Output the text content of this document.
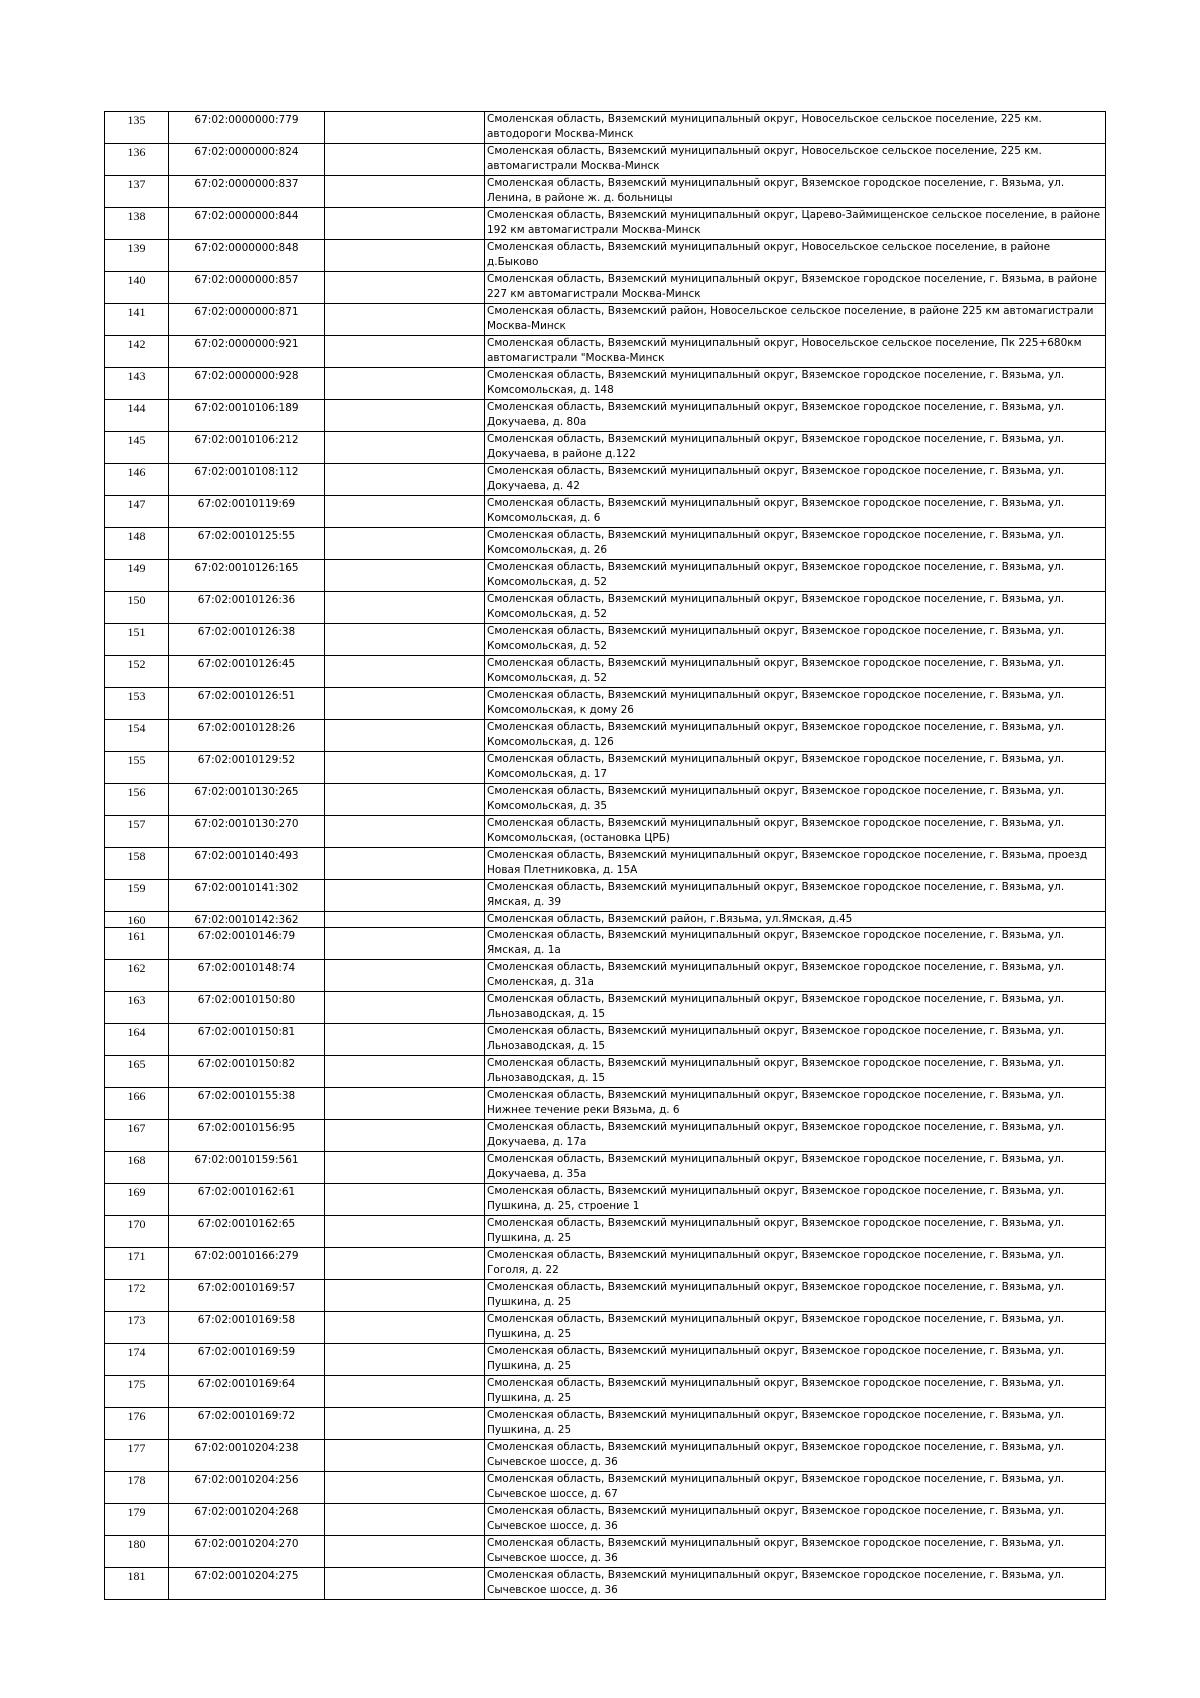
135	67:02:0000000:779		Смоленская область, Вяземский муниципальный округ, Новосельское сельское поселение, 225 км. автодороги Москва-Минск
136	67:02:0000000:824		Смоленская область, Вяземский муниципальный округ, Новосельское сельское поселение, 225 км. автомагистрали Москва-Минск
137	67:02:0000000:837		Смоленская область, Вяземский муниципальный округ, Вяземское городское поселение, г. Вязьма, ул. Ленина, в районе ж. д. больницы
138	67:02:0000000:844		Смоленская область, Вяземский муниципальный округ, Царево-Займищенское сельское поселение, в районе 192 км автомагистрали Москва-Минск
139	67:02:0000000:848		Смоленская область, Вяземский муниципальный округ, Новосельское сельское поселение, в районе д.Быково
140	67:02:0000000:857		Смоленская область, Вяземский муниципальный округ, Вяземское городское поселение, г. Вязьма, в районе 227 км автомагистрали Москва-Минск
141	67:02:0000000:871		Смоленская область, Вяземский район, Новосельское сельское поселение, в районе 225 км автомагистрали Москва-Минск
142	67:02:0000000:921		Смоленская область, Вяземский муниципальный округ, Новосельское сельское поселение, Пк 225+680км автомагистрали "Москва-Минск
143	67:02:0000000:928		Смоленская область, Вяземский муниципальный округ, Вяземское городское поселение, г. Вязьма, ул. Комсомольская, д. 148
144	67:02:0010106:189		Смоленская область, Вяземский муниципальный округ, Вяземское городское поселение, г. Вязьма, ул. Докучаева, д. 80а
145	67:02:0010106:212		Смоленская область, Вяземский муниципальный округ, Вяземское городское поселение, г. Вязьма, ул. Докучаева, в районе д.122
146	67:02:0010108:112		Смоленская область, Вяземский муниципальный округ, Вяземское городское поселение, г. Вязьма, ул. Докучаева, д. 42
147	67:02:0010119:69		Смоленская область, Вяземский муниципальный округ, Вяземское городское поселение, г. Вязьма, ул. Комсомольская, д. 6
148	67:02:0010125:55		Смоленская область, Вяземский муниципальный округ, Вяземское городское поселение, г. Вязьма, ул. Комсомольская, д. 26
149	67:02:0010126:165		Смоленская область, Вяземский муниципальный округ, Вяземское городское поселение, г. Вязьма, ул. Комсомольская, д. 52
150	67:02:0010126:36		Смоленская область, Вяземский муниципальный округ, Вяземское городское поселение, г. Вязьма, ул. Комсомольская, д. 52
151	67:02:0010126:38		Смоленская область, Вяземский муниципальный округ, Вяземское городское поселение, г. Вязьма, ул. Комсомольская, д. 52
152	67:02:0010126:45		Смоленская область, Вяземский муниципальный округ, Вяземское городское поселение, г. Вязьма, ул. Комсомольская, д. 52
153	67:02:0010126:51		Смоленская область, Вяземский муниципальный округ, Вяземское городское поселение, г. Вязьма, ул. Комсомольская, к дому 26
154	67:02:0010128:26		Смоленская область, Вяземский муниципальный округ, Вяземское городское поселение, г. Вязьма, ул. Комсомольская, д. 126
155	67:02:0010129:52		Смоленская область, Вяземский муниципальный округ, Вяземское городское поселение, г. Вязьма, ул. Комсомольская, д. 17
156	67:02:0010130:265		Смоленская область, Вяземский муниципальный округ, Вяземское городское поселение, г. Вязьма, ул. Комсомольская, д. 35
157	67:02:0010130:270		Смоленская область, Вяземский муниципальный округ, Вяземское городское поселение, г. Вязьма, ул. Комсомольская, (остановка ЦРБ)
158	67:02:0010140:493		Смоленская область, Вяземский муниципальный округ, Вяземское городское поселение, г. Вязьма, проезд Новая Плетниковка, д. 15А
159	67:02:0010141:302		Смоленская область, Вяземский муниципальный округ, Вяземское городское поселение, г. Вязьма, ул. Ямская, д. 39
160	67:02:0010142:362		Смоленская область, Вяземский район, г.Вязьма, ул.Ямская, д.45
161	67:02:0010146:79		Смоленская область, Вяземский муниципальный округ, Вяземское городское поселение, г. Вязьма, ул. Ямская, д. 1а
162	67:02:0010148:74		Смоленская область, Вяземский муниципальный округ, Вяземское городское поселение, г. Вязьма, ул. Смоленская, д. 31а
163	67:02:0010150:80		Смоленская область, Вяземский муниципальный округ, Вяземское городское поселение, г. Вязьма, ул. Льнозаводская, д. 15
164	67:02:0010150:81		Смоленская область, Вяземский муниципальный округ, Вяземское городское поселение, г. Вязьма, ул. Льнозаводская, д. 15
165	67:02:0010150:82		Смоленская область, Вяземский муниципальный округ, Вяземское городское поселение, г. Вязьма, ул. Льнозаводская, д. 15
166	67:02:0010155:38		Смоленская область, Вяземский муниципальный округ, Вяземское городское поселение, г. Вязьма, ул. Нижнее течение реки Вязьма, д. 6
167	67:02:0010156:95		Смоленская область, Вяземский муниципальный округ, Вяземское городское поселение, г. Вязьма, ул. Докучаева, д. 17а
168	67:02:0010159:561		Смоленская область, Вяземский муниципальный округ, Вяземское городское поселение, г. Вязьма, ул. Докучаева, д. 35а
169	67:02:0010162:61		Смоленская область, Вяземский муниципальный округ, Вяземское городское поселение, г. Вязьма, ул. Пушкина, д. 25, строение 1
170	67:02:0010162:65		Смоленская область, Вяземский муниципальный округ, Вяземское городское поселение, г. Вязьма, ул. Пушкина, д. 25
171	67:02:0010166:279		Смоленская область, Вяземский муниципальный округ, Вяземское городское поселение, г. Вязьма, ул. Гоголя, д. 22
172	67:02:0010169:57		Смоленская область, Вяземский муниципальный округ, Вяземское городское поселение, г. Вязьма, ул. Пушкина, д. 25
173	67:02:0010169:58		Смоленская область, Вяземский муниципальный округ, Вяземское городское поселение, г. Вязьма, ул. Пушкина, д. 25
174	67:02:0010169:59		Смоленская область, Вяземский муниципальный округ, Вяземское городское поселение, г. Вязьма, ул. Пушкина, д. 25
175	67:02:0010169:64		Смоленская область, Вяземский муниципальный округ, Вяземское городское поселение, г. Вязьма, ул. Пушкина, д. 25
176	67:02:0010169:72		Смоленская область, Вяземский муниципальный округ, Вяземское городское поселение, г. Вязьма, ул. Пушкина, д. 25
177	67:02:0010204:238		Смоленская область, Вяземский муниципальный округ, Вяземское городское поселение, г. Вязьма, ул. Сычевское шоссе, д. 36
178	67:02:0010204:256		Смоленская область, Вяземский муниципальный округ, Вяземское городское поселение, г. Вязьма, ул. Сычевское шоссе, д. 67
179	67:02:0010204:268		Смоленская область, Вяземский муниципальный округ, Вяземское городское поселение, г. Вязьма, ул. Сычевское шоссе, д. 36
180	67:02:0010204:270		Смоленская область, Вяземский муниципальный округ, Вяземское городское поселение, г. Вязьма, ул. Сычевское шоссе, д. 36
181	67:02:0010204:275		Смоленская область, Вяземский муниципальный округ, Вяземское городское поселение, г. Вязьма, ул. Сычевское шоссе, д. 36
